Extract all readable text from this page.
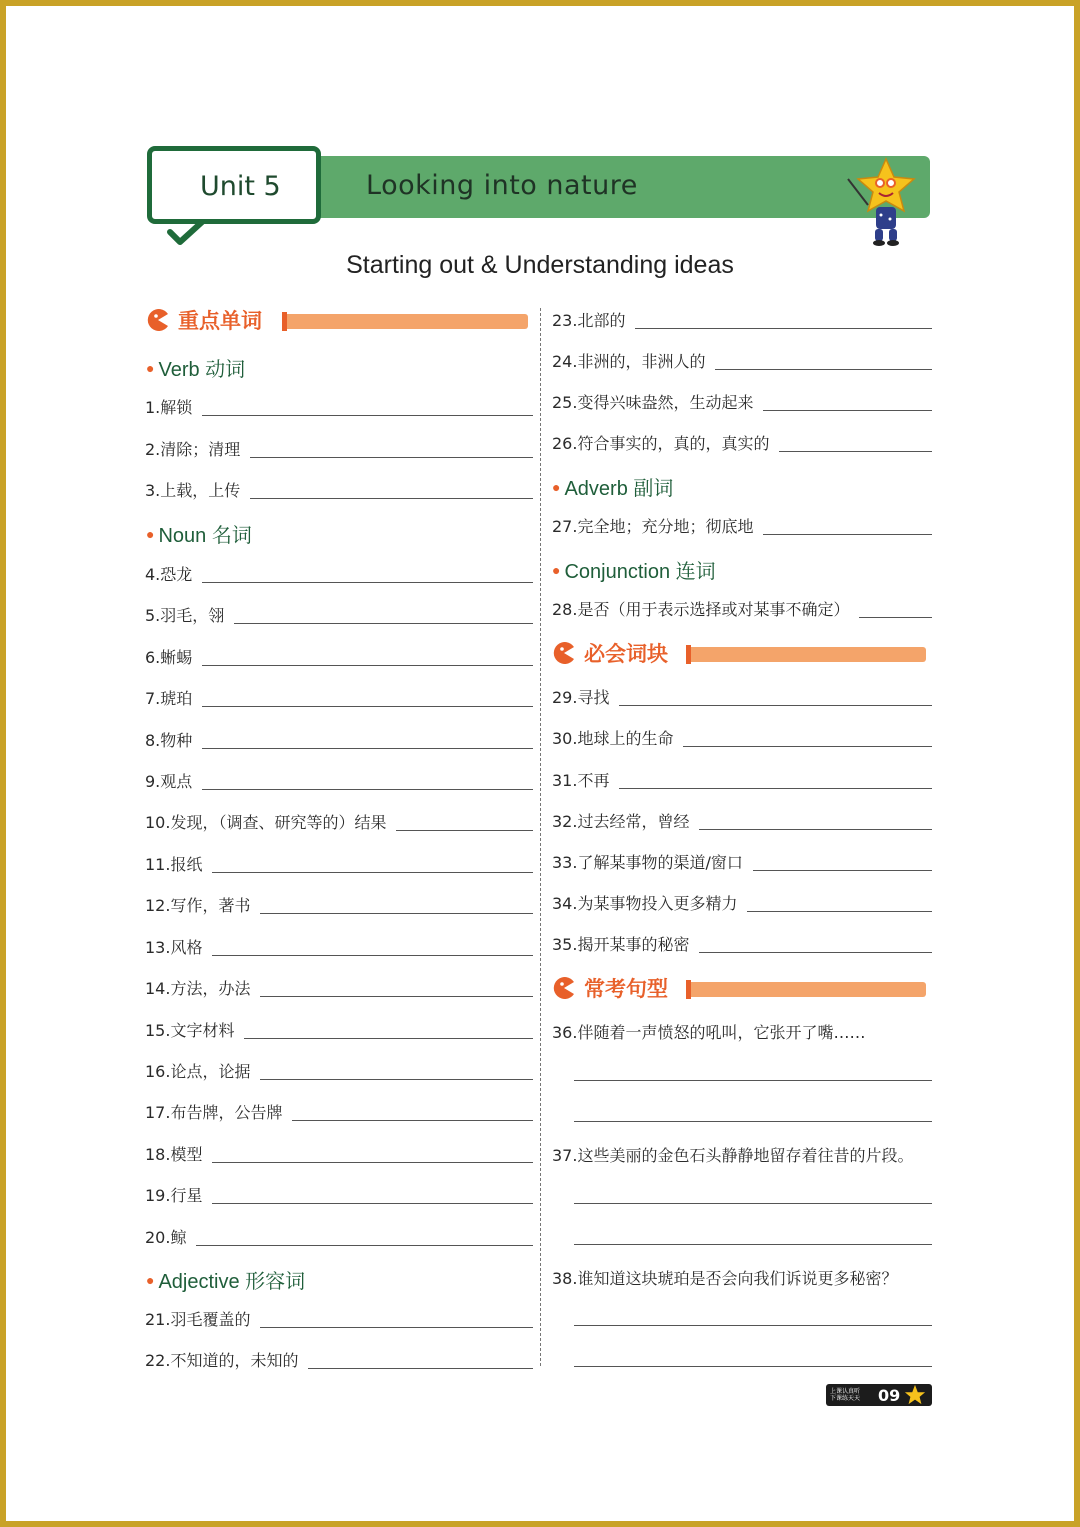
Looking into nature
Unit 5
Starting out & Understanding ideas
重点单词
必会词块
常考句型
● Verb 动词
● Noun 名词
● Adjective 形容词
● Adverb 副词
● Conjunction 连词
1.解锁
2.清除；清理
3.上载，上传
4.恐龙
5.羽毛，翎
6.蜥蜴
7.琥珀
8.物种
9.观点
10.发现，（调查、研究等的）结果
11.报纸
12.写作，著书
13.风格
14.方法，办法
15.文字材料
16.论点，论据
17.布告牌，公告牌
18.模型
19.行星
20.鲸
21.羽毛覆盖的
22.不知道的，未知的
23.北部的
24.非洲的，非洲人的
25.变得兴味盎然，生动起来
26.符合事实的，真的，真实的
27.完全地；充分地；彻底地
28.是否（用于表示选择或对某事不确定）
29.寻找
30.地球上的生命
31.不再
32.过去经常，曾经
33.了解某事物的渠道/窗口
34.为某事物投入更多精力
35.揭开某事的秘密
36.伴随着一声愤怒的吼叫，它张开了嘴……
37.这些美丽的金色石头静静地留存着往昔的片段。
38.谁知道这块琥珀是否会向我们诉说更多秘密？
上课认真听
下课练天天	09
